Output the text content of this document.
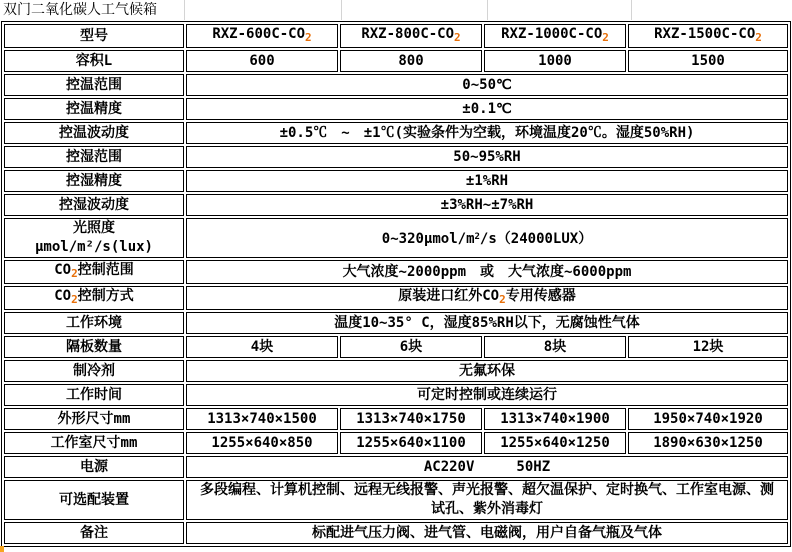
双门二氧化碳人工气候箱
型号	RXZ-$600C-CO_2$	RXZ-$800C-CO_2$	RXZ-$1000C-CO_2$	RXZ-$1500C-CO_2$
容积L	600	800	1000	1500
控温范围	0~50℃			
控温精度	±0.1℃			
控温波动度	±0.5℃　~　±1℃(实验条件为空载，环境温度20℃。湿度50%RH)			
控湿范围	50~95%RH			
控湿精度	±1%RH			
控湿波动度	±3%RH~±7%RH			

光照度
μmol/m²/s(lux)	$0\sim 320\mu mol/m^2/s(24000LUX)$			
$CO_2$控制范围	大气浓度~2000ppm　或　大气浓度~6000ppm			
$CO_2$控制方式	原装进口红外$CO_2$专用传感器			
工作环境	温度10~35° C，湿度85%RH以下，无腐蚀性气体			
隔板数量	4块	6块	8块	12块
制冷剂	无氟环保			
工作时间	可定时控制或连续运行			
外形尺寸mm	1313×740×1500	1313×740×1750	1313×740×1900	1950×740×1920
工作室尺寸mm	1255×640×850	1255×640×1100	1255×640×1250	1890×630×1250
电源	AC220V　　　50HZ			
可选配装置	多段编程、计算机控制、远程无线报警、声光报警、超欠温保护、定时换气、工作室电源、测试孔、紫外消毒灯			
备注	标配进气压力阀、进气管、电磁阀，用户自备气瓶及气体			
